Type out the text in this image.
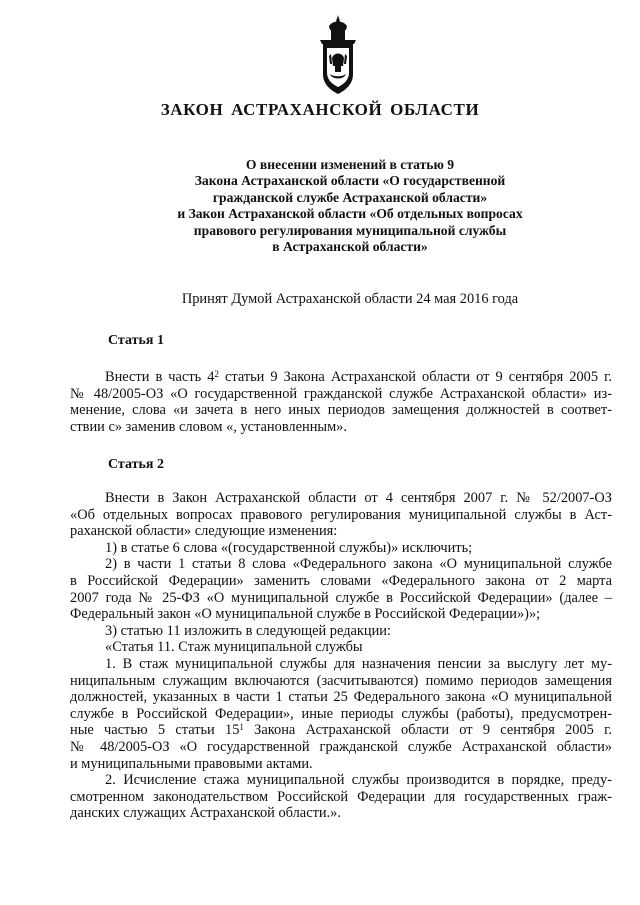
ЗАКОН АСТРАХАНСКОЙ ОБЛАСТИ
О внесении изменений в статью 9
Закона Астраханской области «О государственной
гражданской службе Астраханской области»
и Закон Астраханской области «Об отдельных вопросах
правового регулирования муниципальной службы
в Астраханской области»
Принят Думой Астраханской области 24 мая 2016 года
Статья 1
Внести в часть $4^2$ статьи 9 Закона Астраханской области от 9 сентября 2005 г.
№ 48/2005-ОЗ «О государственной гражданской службе Астраханской области» из-
менение, слова «и зачета в него иных периодов замещения должностей в соответ-
ствии с» заменив словом «, установленным».
Статья 2
Внести в Закон Астраханской области от 4 сентября 2007 г. № 52/2007-ОЗ
«Об отдельных вопросах правового регулирования муниципальной службы в Аст-
раханской области» следующие изменения:
1) в статье 6 слова «(государственной службы)» исключить;
2) в части 1 статьи 8 слова «Федерального закона «О муниципальной службе
в Российской Федерации» заменить словами «Федерального закона от 2 марта
2007 года № 25-ФЗ «О муниципальной службе в Российской Федерации» (далее –
Федеральный закон «О муниципальной службе в Российской Федерации»)»;
3) статью 11 изложить в следующей редакции:
«Статья 11. Стаж муниципальной службы
1. В стаж муниципальной службы для назначения пенсии за выслугу лет му-
ниципальным служащим включаются (засчитываются) помимо периодов замещения
должностей, указанных в части 1 статьи 25 Федерального закона «О муниципальной
службе в Российской Федерации», иные периоды службы (работы), предусмотрен-
ные частью 5 статьи $15^1$ Закона Астраханской области от 9 сентября 2005 г.
№ 48/2005-ОЗ «О государственной гражданской службе Астраханской области»
и муниципальными правовыми актами.
2. Исчисление стажа муниципальной службы производится в порядке, преду-
смотренном законодательством Российской Федерации для государственных граж-
данских служащих Астраханской области.».
